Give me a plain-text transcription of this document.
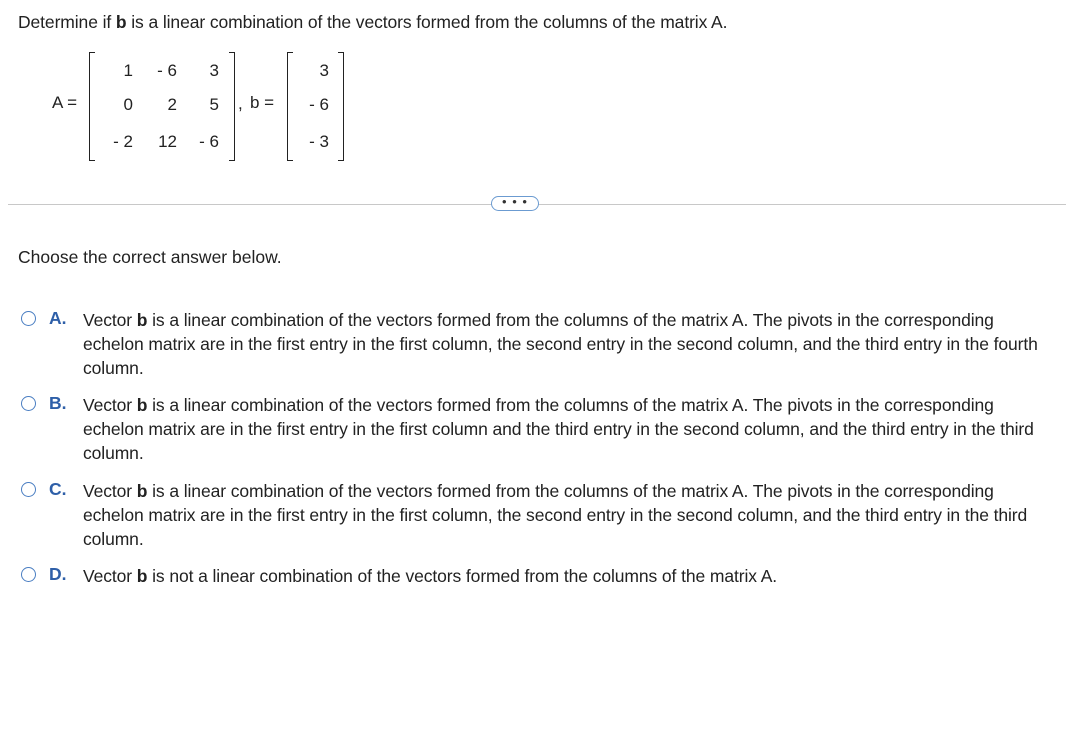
Determine if b is a linear combination of the vectors formed from the columns of the matrix A.
A =
1	- 6	3
0	2	5
- 2	12	- 6
, b =
3
- 6
- 3
• • •
Choose the correct answer below.
A. Vector b is a linear combination of the vectors formed from the columns of the matrix A. The pivots in the corresponding echelon matrix are in the first entry in the first column, the second entry in the second column, and the third entry in the fourth column.
B. Vector b is a linear combination of the vectors formed from the columns of the matrix A. The pivots in the corresponding echelon matrix are in the first entry in the first column and the third entry in the second column, and the third entry in the third column.
C. Vector b is a linear combination of the vectors formed from the columns of the matrix A. The pivots in the corresponding echelon matrix are in the first entry in the first column, the second entry in the second column, and the third entry in the third column.
D. Vector b is not a linear combination of the vectors formed from the columns of the matrix A.
